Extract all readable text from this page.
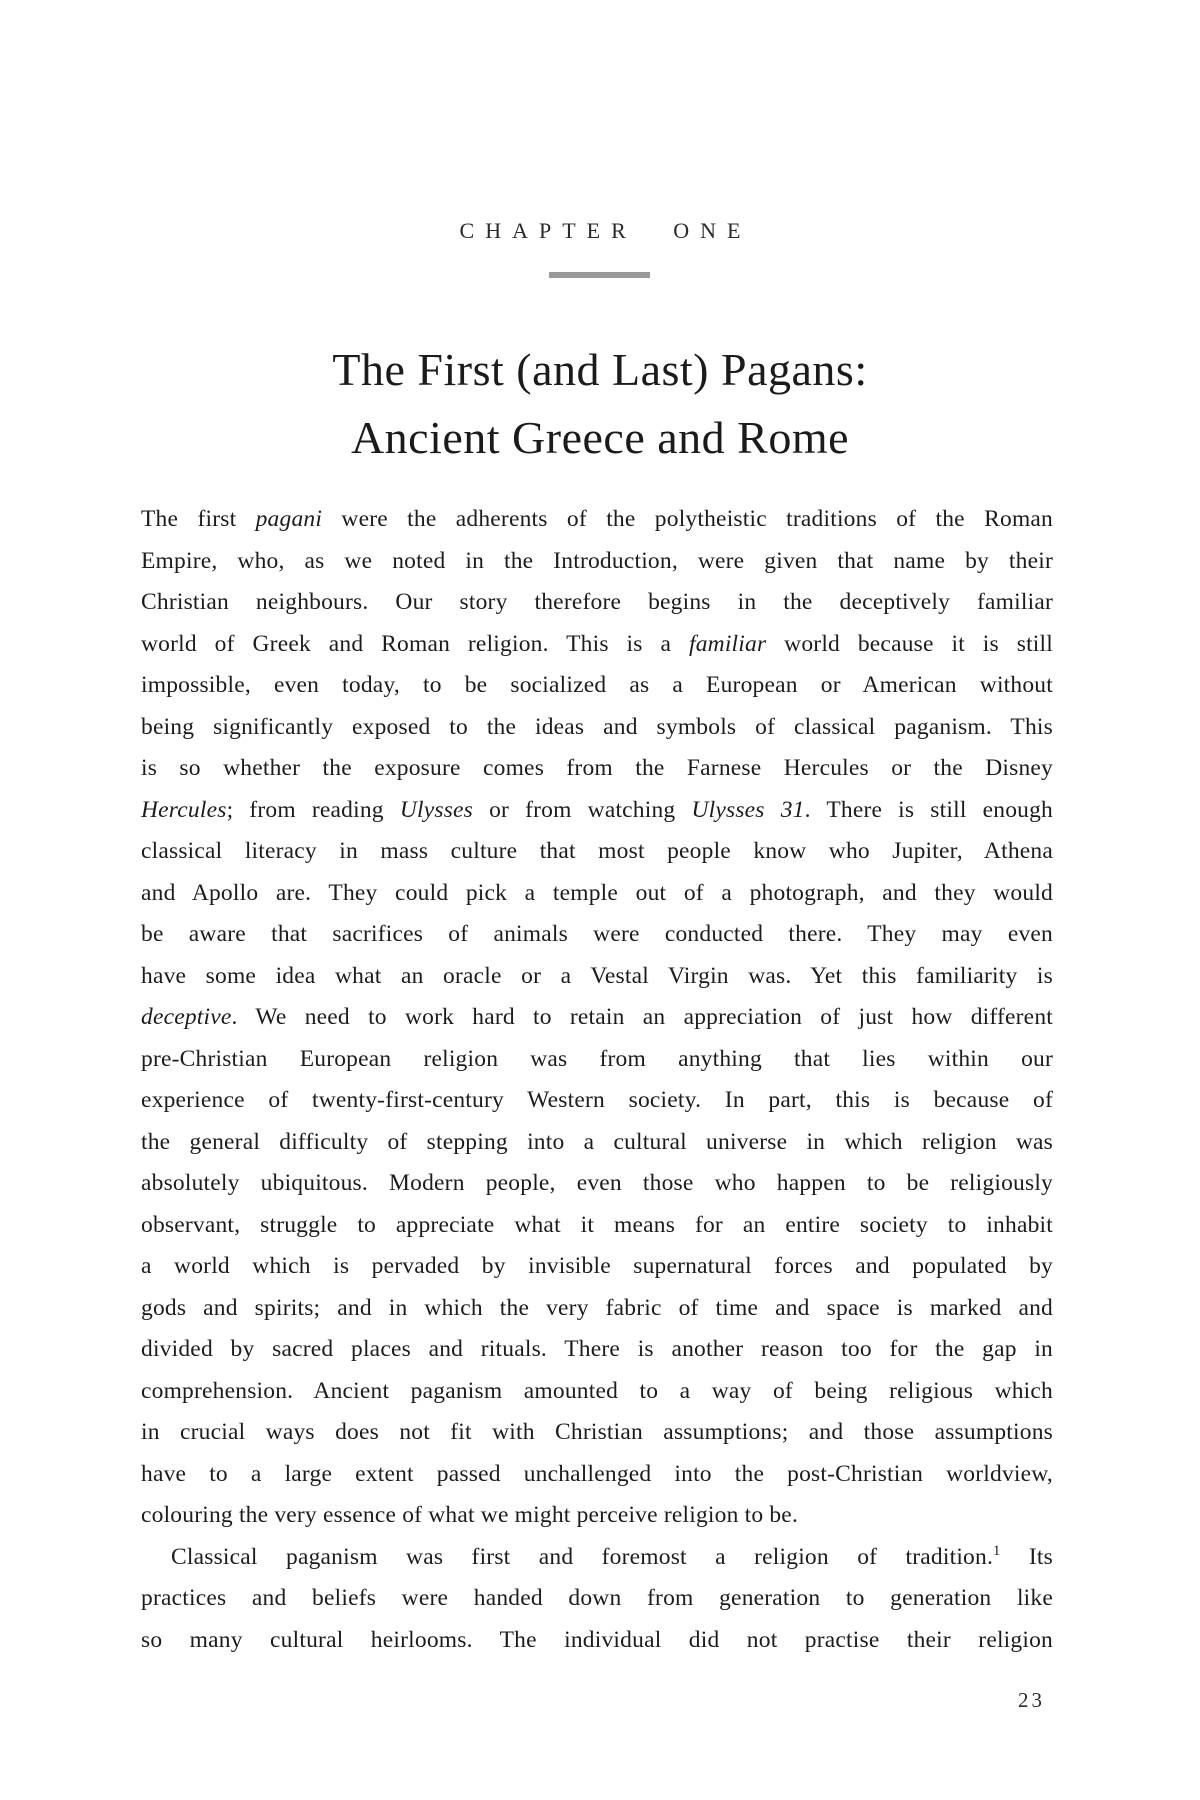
CHAPTER ONE
The First (and Last) Pagans:
Ancient Greece and Rome
The first pagani were the adherents of the polytheistic traditions of the Roman
Empire, who, as we noted in the Introduction, were given that name by their
Christian neighbours. Our story therefore begins in the deceptively familiar
world of Greek and Roman religion. This is a familiar world because it is still
impossible, even today, to be socialized as a European or American without
being significantly exposed to the ideas and symbols of classical paganism. This
is so whether the exposure comes from the Farnese Hercules or the Disney
Hercules; from reading Ulysses or from watching Ulysses 31. There is still enough
classical literacy in mass culture that most people know who Jupiter, Athena
and Apollo are. They could pick a temple out of a photograph, and they would
be aware that sacrifices of animals were conducted there. They may even
have some idea what an oracle or a Vestal Virgin was. Yet this familiarity is
deceptive. We need to work hard to retain an appreciation of just how different
pre-Christian European religion was from anything that lies within our
experience of twenty-first-century Western society. In part, this is because of
the general difficulty of stepping into a cultural universe in which religion was
absolutely ubiquitous. Modern people, even those who happen to be religiously
observant, struggle to appreciate what it means for an entire society to inhabit
a world which is pervaded by invisible supernatural forces and populated by
gods and spirits; and in which the very fabric of time and space is marked and
divided by sacred places and rituals. There is another reason too for the gap in
comprehension. Ancient paganism amounted to a way of being religious which
in crucial ways does not fit with Christian assumptions; and those assumptions
have to a large extent passed unchallenged into the post-Christian worldview,
colouring the very essence of what we might perceive religion to be.
Classical paganism was first and foremost a religion of tradition.$^1$ Its
practices and beliefs were handed down from generation to generation like
so many cultural heirlooms. The individual did not practise their religion
23
